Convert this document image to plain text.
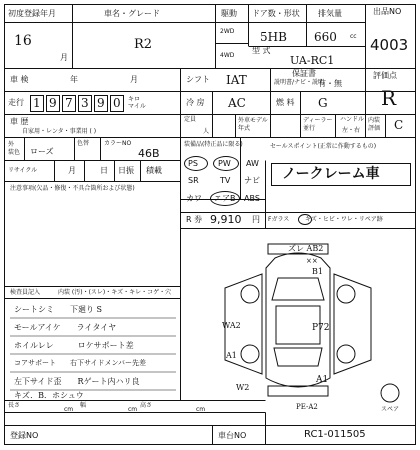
初度登録年月
16
月
車名・グレード
R2
駆動
2WD
4WD
ドア数・形状
5HB
排気量
660 cc
型 式
UA-RC1
出品NO
4003
車 検	年	月	シフト IAT	保証書
説明書/ナビ・説明
有・無
評価点
R
走行 1 9 7 3 9 0 キロ
マイル	冷 房 AC	燃 料 G
車 歴
自家用・レンタ・事業用 ( )
定員
人
外車モデル
年式
ディーラー
並行
ハンドル
左・右
内装
評価 C
外
装色 ローズ
色替 カラーNO
46B
リサイクル	月	日 日振 積載
注意事項(欠品・修復・不具合箇所および状態)
装備品(特正品に限る)
PS	PW AW
SR	TV ナビ
カワ エアB ABS
R 券 9,910 円 Fガラス	キズ・ヒビ・ワレ・リペア跡
セールスポイント(正常に作動するもの)
ノークレーム車
検査員記入	内装 (汚)・(スレ)・キズ・キレ・コゲ・穴
シートシミ　　下廻り S
モールアイケ　　ライタイヤ
ホイルレレ　　　ロケサポート差
コアサポート　　右下サイドメンバー先差
左下サイド歪　　Rゲート内ハリ良
キズ．B．ホシュウ
ズレ AB2
××
B1
WA2	P72
A1
A1
W2
PE-A2	スペア
長さ
cm
幅
cm
高さ
cm
登録NO	車台NO	RC1-011505
